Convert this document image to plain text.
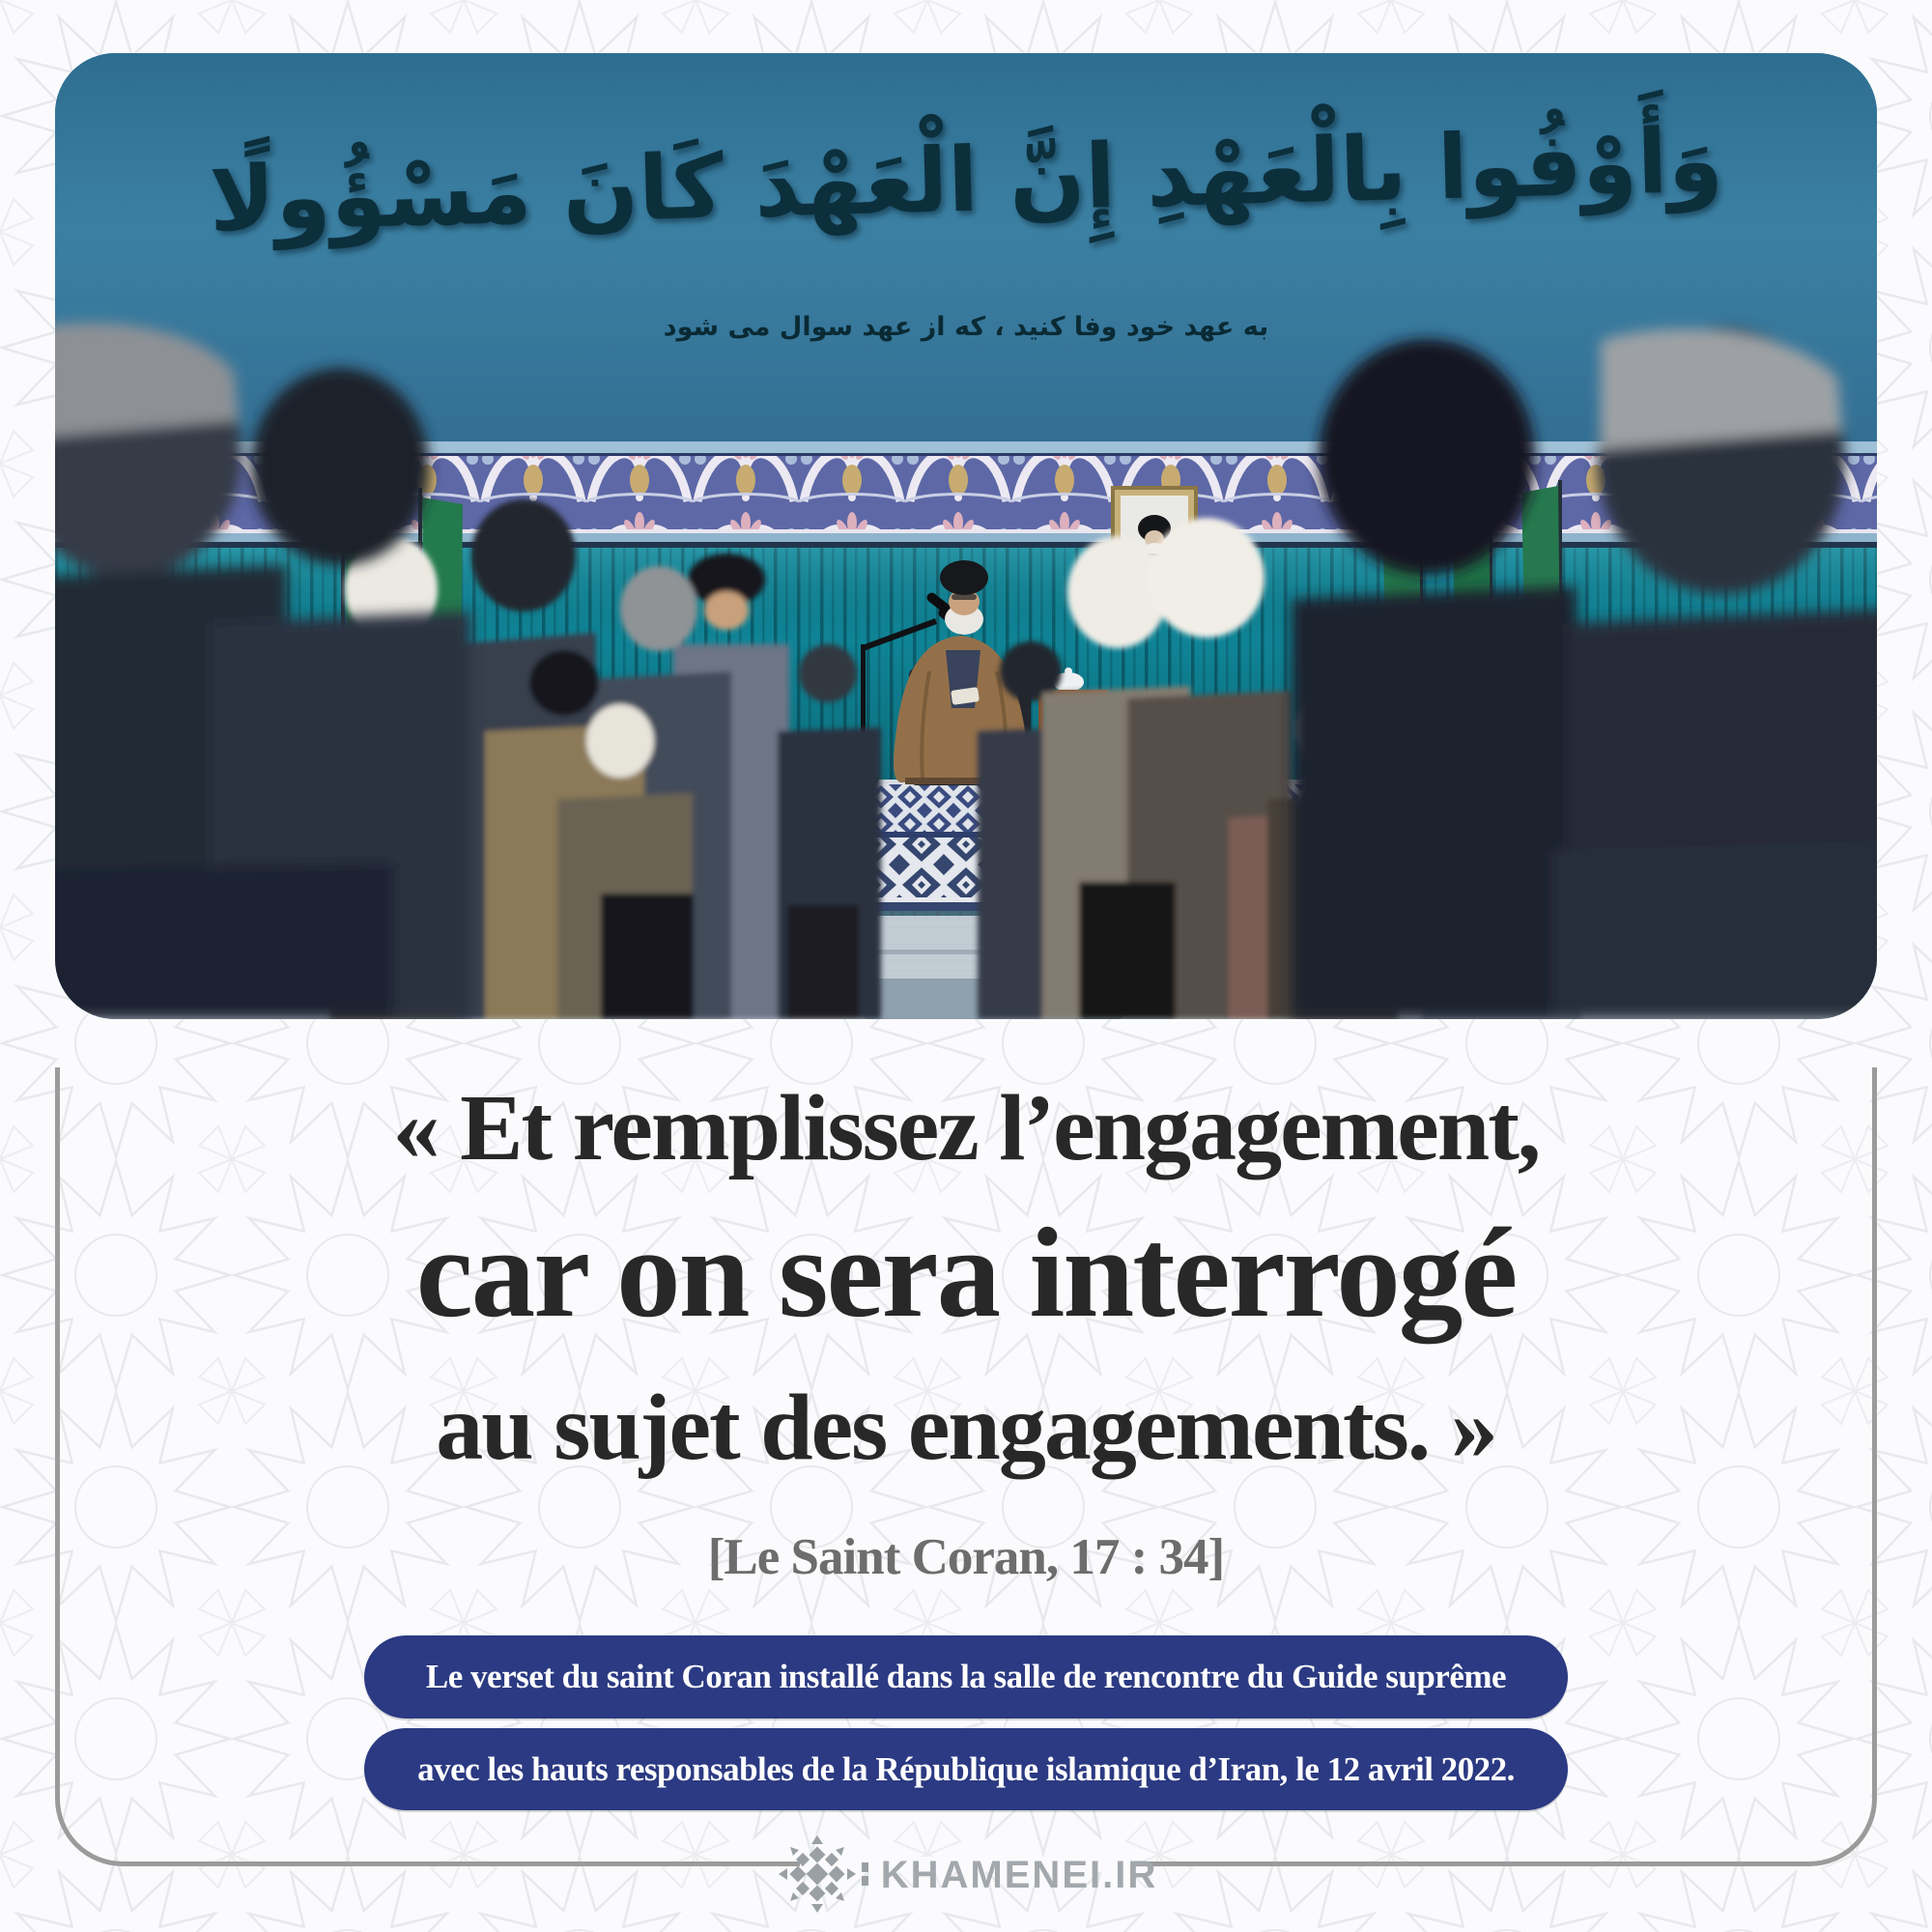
وَأَوْفُوا بِالْعَهْدِ إِنَّ الْعَهْدَ كَانَ مَسْؤُولًا
به عهد خود وفا کنید ، که از عهد سوال می شود
« Et remplissez l’engagement,
car on sera interrogé
au sujet des engagements. »
[Le Saint Coran, 17 : 34]
Le verset du saint Coran installé dans la salle de rencontre du Guide suprême
avec les hauts responsables de la République islamique d’Iran, le 12 avril 2022.
KHAMENEI.IR
